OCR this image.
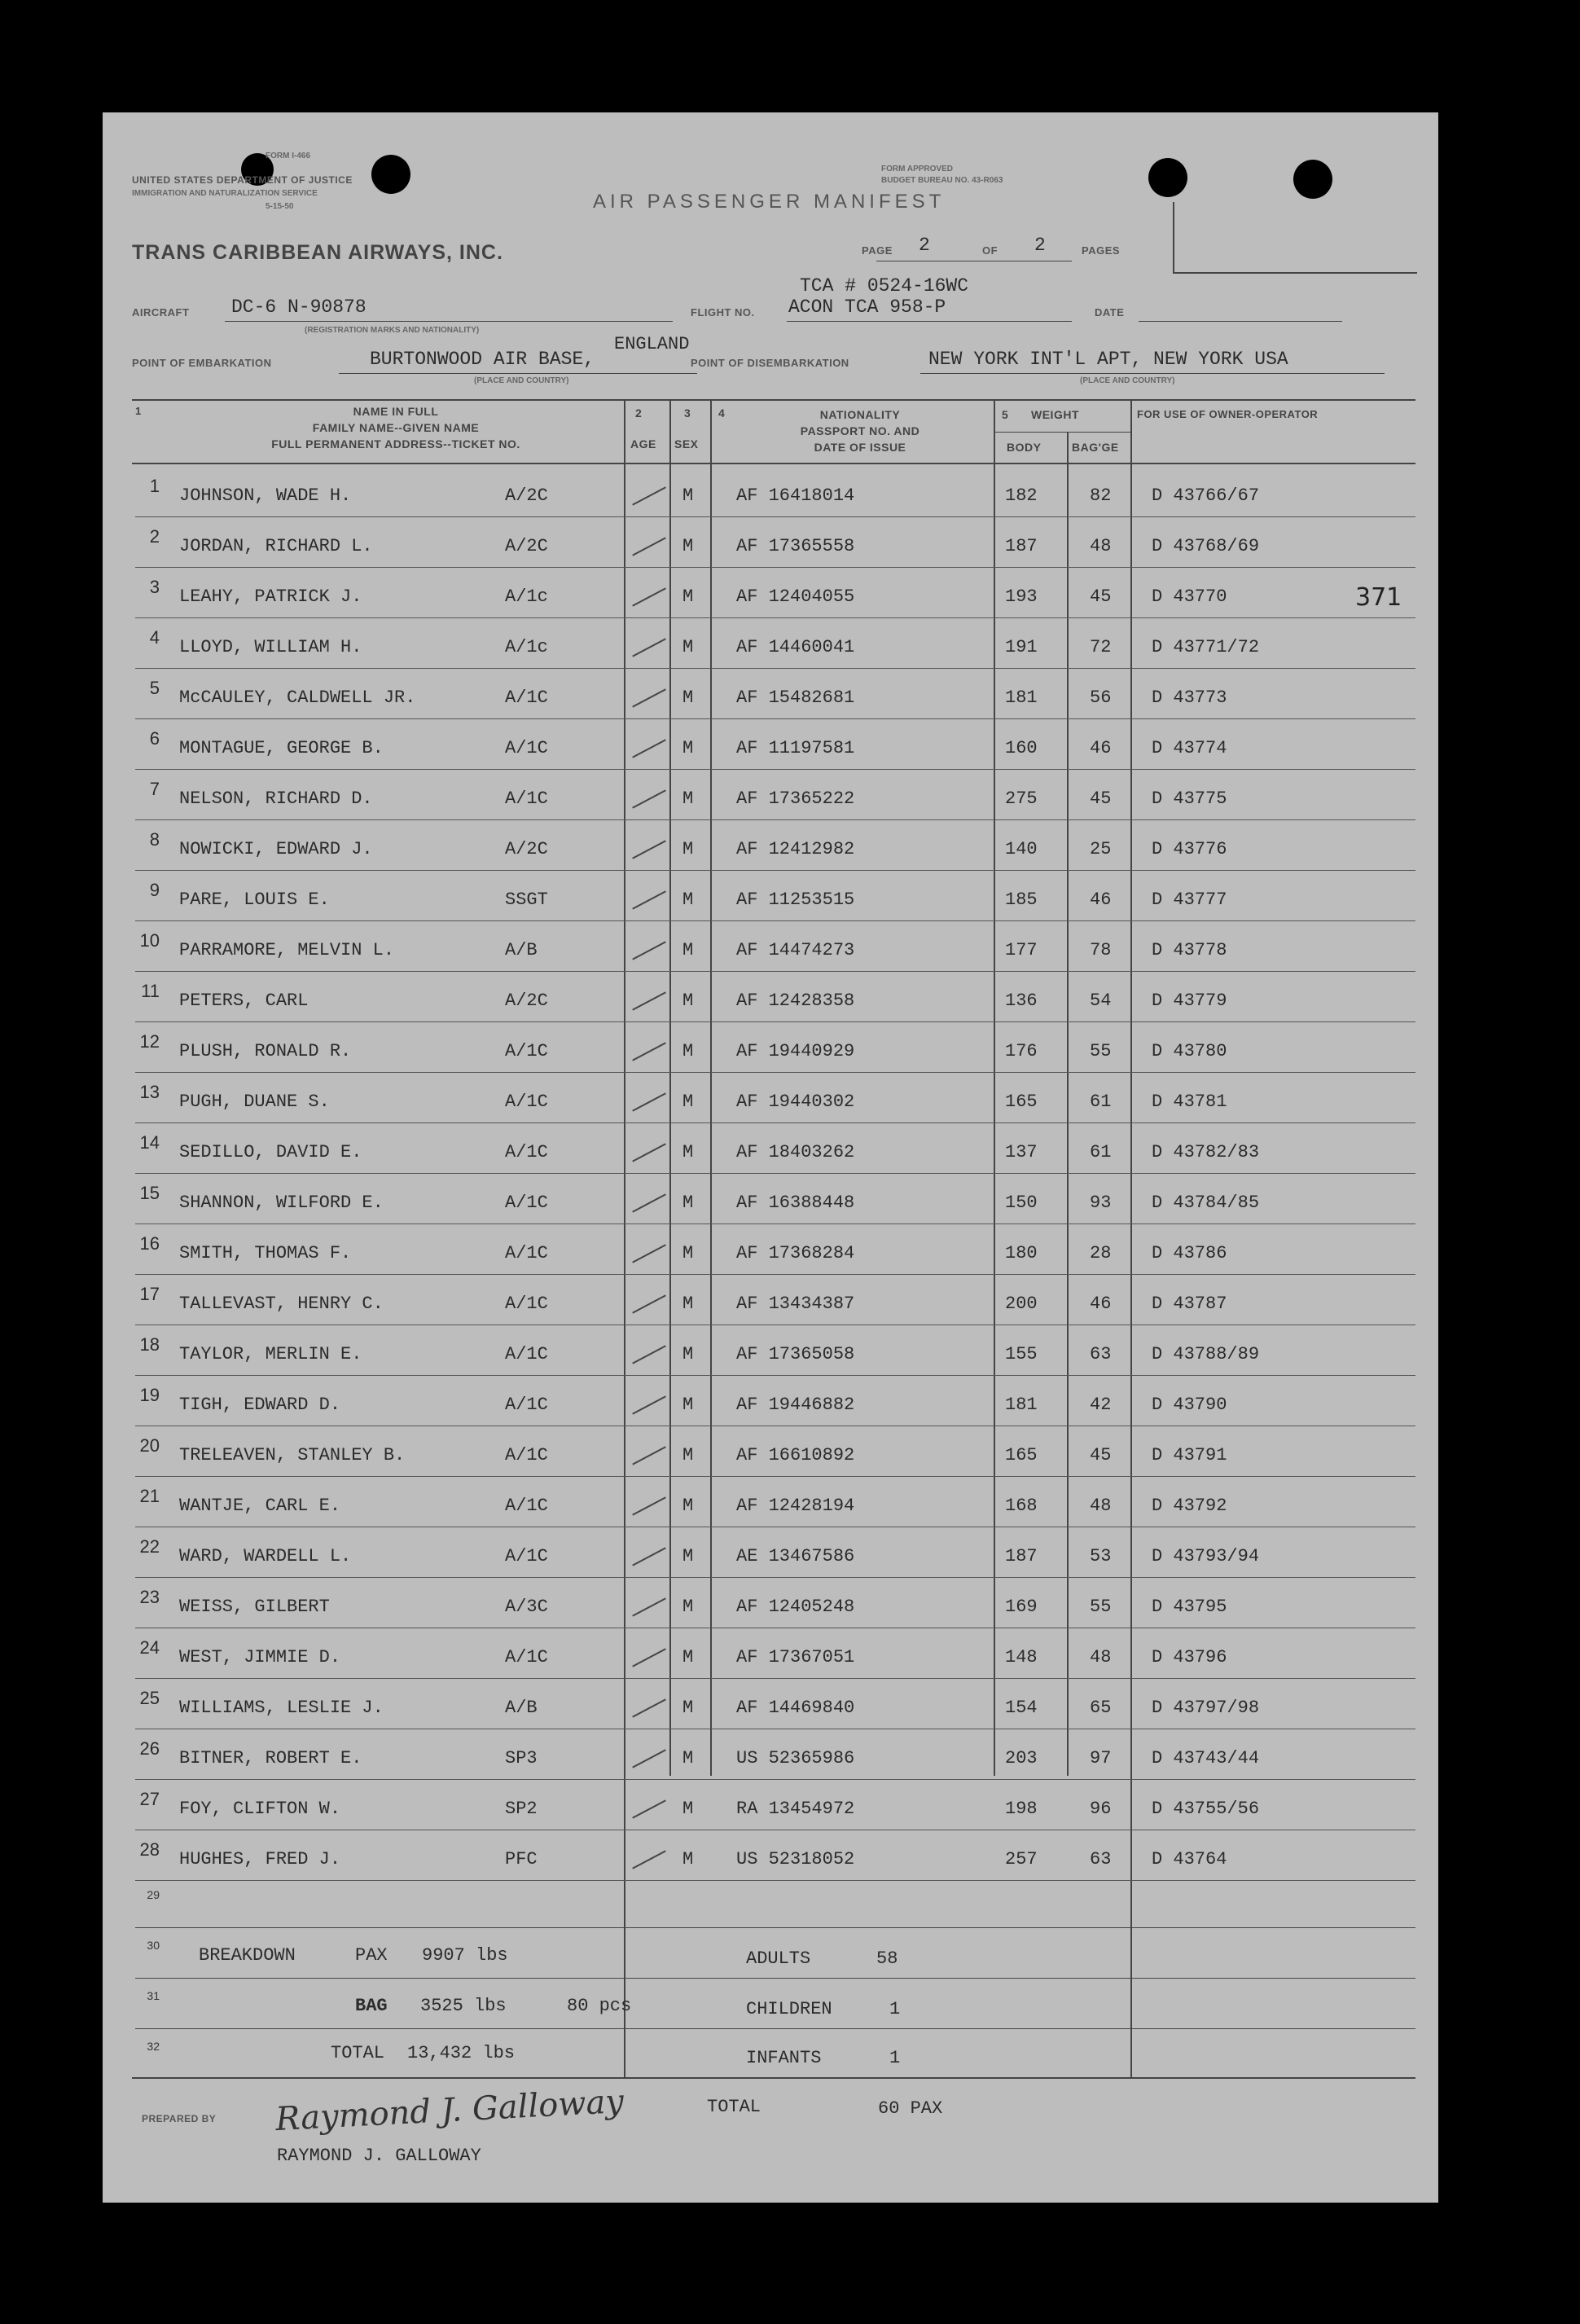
FORM I-466
UNITED STATES DEPARTMENT OF JUSTICE
IMMIGRATION AND NATURALIZATION SERVICE
5-15-50	AIR PASSENGER MANIFEST
FORM APPROVED
BUDGET BUREAU NO. 43-R063
TRANS CARIBBEAN AIRWAYS, INC.	PAGE 2	OF 2	PAGES
TCA # 0524-16WC
AIRCRAFT DC-6 N-90878
(REGISTRATION MARKS AND NATIONALITY)
FLIGHT NO. ACON TCA 958-P	DATE
ENGLAND
POINT OF EMBARKATION	BURTONWOOD AIR BASE,
(PLACE AND COUNTRY)
POINT OF DISEMBARKATION	NEW YORK INT'L APT, NEW YORK USA
(PLACE AND COUNTRY)
1	NAME IN FULL
FAMILY NAME--GIVEN NAME
FULL PERMANENT ADDRESS--TICKET NO.
2
AGE
3
SEX
4	NATIONALITY
PASSPORT NO. AND
DATE OF ISSUE
5 WEIGHT
BODY	BAG'GE
FOR USE OF OWNER-OPERATOR
371
1 JOHNSON, WADE H.	A/2C	M AF 16418014	182	82 D 43766/67
2 JORDAN, RICHARD L.	A/2C	M AF 17365558	187	48 D 43768/69
3 LEAHY, PATRICK J.	A/1c	M AF 12404055	193	45 D 43770
4 LLOYD, WILLIAM H.	A/1c	M AF 14460041	191	72 D 43771/72
5 McCAULEY, CALDWELL JR.	A/1C	M AF 15482681	181	56 D 43773
6 MONTAGUE, GEORGE B.	A/1C	M AF 11197581	160	46 D 43774
7 NELSON, RICHARD D.	A/1C	M AF 17365222	275	45 D 43775
8 NOWICKI, EDWARD J.	A/2C	M AF 12412982	140	25 D 43776
9 PARE, LOUIS E.	SSGT	M AF 11253515	185	46 D 43777
10 PARRAMORE, MELVIN L.	A/B	M AF 14474273	177	78 D 43778
11 PETERS, CARL	A/2C	M AF 12428358	136	54 D 43779
12 PLUSH, RONALD R.	A/1C	M AF 19440929	176	55 D 43780
13 PUGH, DUANE S.	A/1C	M AF 19440302	165	61 D 43781
14 SEDILLO, DAVID E.	A/1C	M AF 18403262	137	61 D 43782/83
15 SHANNON, WILFORD E.	A/1C	M AF 16388448	150	93 D 43784/85
16 SMITH, THOMAS F.	A/1C	M AF 17368284	180	28 D 43786
17 TALLEVAST, HENRY C.	A/1C	M AF 13434387	200	46 D 43787
18 TAYLOR, MERLIN E.	A/1C	M AF 17365058	155	63 D 43788/89
19 TIGH, EDWARD D.	A/1C	M AF 19446882	181	42 D 43790
20 TRELEAVEN, STANLEY B.	A/1C	M AF 16610892	165	45 D 43791
21 WANTJE, CARL E.	A/1C	M AF 12428194	168	48 D 43792
22 WARD, WARDELL L.	A/1C	M AE 13467586	187	53 D 43793/94
23 WEISS, GILBERT	A/3C	M AF 12405248	169	55 D 43795
24 WEST, JIMMIE D.	A/1C	M AF 17367051	148	48 D 43796
25 WILLIAMS, LESLIE J.	A/B	M AF 14469840	154	65 D 43797/98
26 BITNER, ROBERT E.	SP3	M US 52365986	203	97 D 43743/44
27 FOY, CLIFTON W.	SP2	M RA 13454972	198	96 D 43755/56
28 HUGHES, FRED J.	PFC	M US 52318052	257	63 D 43764
29
30
31
32
BREAKDOWN	PAX 9907 lbs
BAG 3525 lbs	80 pcs
TOTAL 13,432 lbs
ADULTS	58
CHILDREN	1
INFANTS	1
TOTAL	60 PAX
PREPARED BY Raymond J. Galloway
RAYMOND J. GALLOWAY
